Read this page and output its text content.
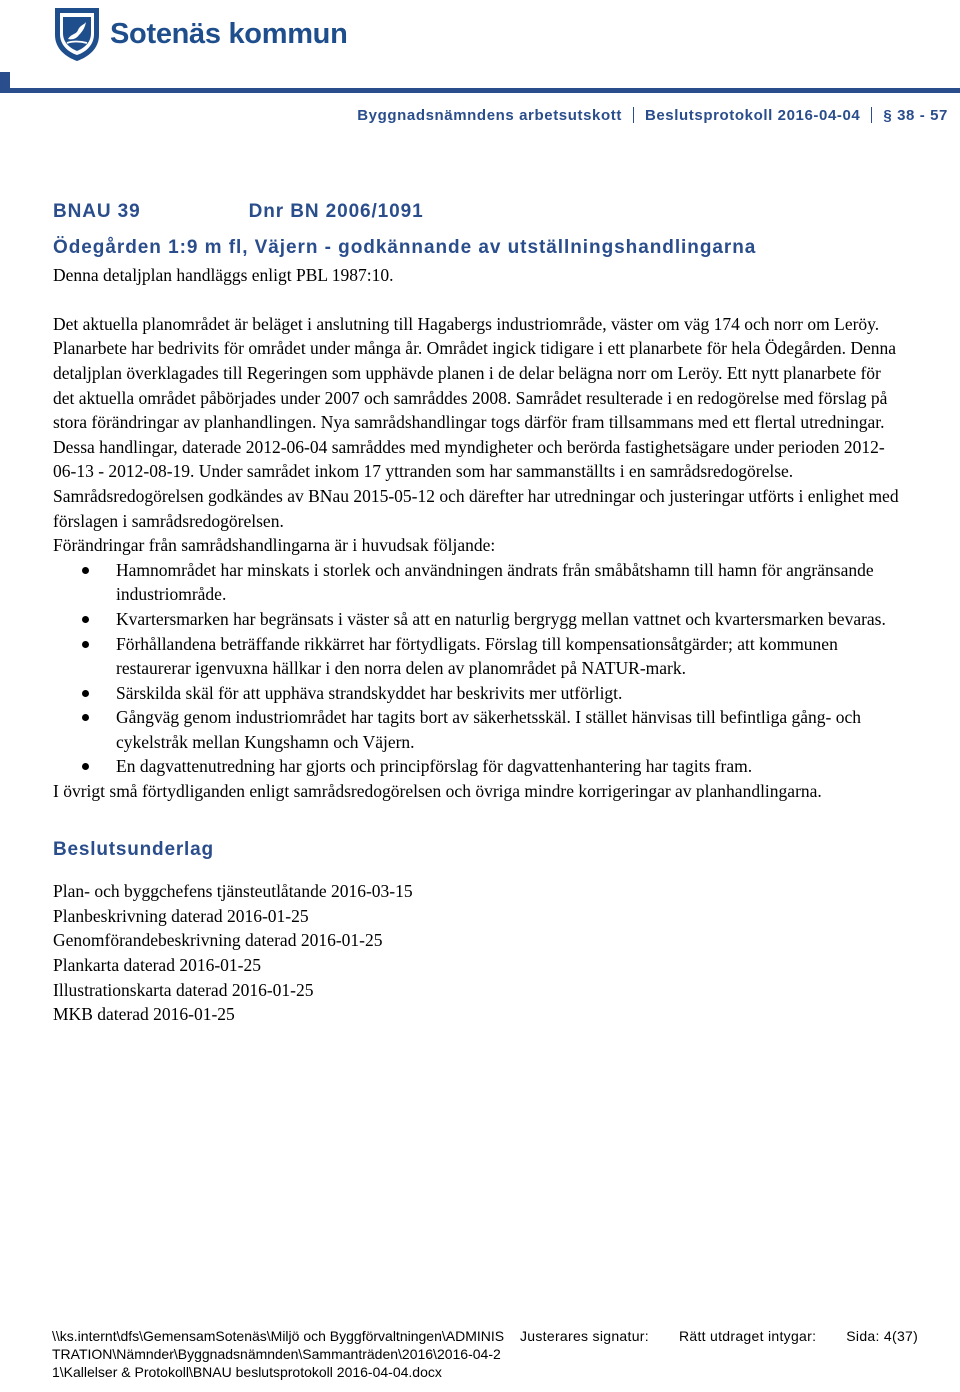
Sotenäs kommun
Byggnadsnämndens arbetsutskott Beslutsprotokoll 2016-04-04 § 38 - 57
BNAU 39	Dnr BN 2006/1091
Ödegården 1:9 m fl, Väjern - godkännande av utställningshandlingarna

Denna detaljplan handläggs enligt PBL 1987:10.

Det aktuella planområdet är beläget i anslutning till Hagabergs industriområde, väster om väg 174 och norr om Leröy. Planarbete har bedrivits för området under många år. Området ingick tidigare i ett planarbete för hela Ödegården. Denna detaljplan överklagades till Regeringen som upphävde planen i de delar belägna norr om Leröy. Ett nytt planarbete för det aktuella området påbörjades under 2007 och samråddes 2008. Samrådet resulterade i en redogörelse med förslag på stora förändringar av planhandlingen. Nya samrådshandlingar togs därför fram tillsammans med ett flertal utredningar. Dessa handlingar, daterade 2012-06-04 samråddes med myndigheter och berörda fastighetsägare under perioden 2012-06-13 - 2012-08-19. Under samrådet inkom 17 yttranden som har sammanställts i en samrådsredogörelse.

Samrådsredogörelsen godkändes av BNau 2015-05-12 och därefter har utredningar och justeringar utförts i enlighet med förslagen i samrådsredogörelsen.

Förändringar från samrådshandlingarna är i huvudsak följande:

Hamnområdet har minskats i storlek och användningen ändrats från småbåtshamn till hamn för angränsande industriområde.
Kvartersmarken har begränsats i väster så att en naturlig bergrygg mellan vattnet och kvartersmarken bevaras.
Förhållandena beträffande rikkärret har förtydligats. Förslag till kompensationsåtgärder; att kommunen restaurerar igenvuxna hällkar i den norra delen av planområdet på NATUR-mark.
Särskilda skäl för att upphäva strandskyddet har beskrivits mer utförligt.
Gångväg genom industriområdet har tagits bort av säkerhetsskäl. I stället hänvisas till befintliga gång- och cykelstråk mellan Kungshamn och Väjern.
En dagvattenutredning har gjorts och principförslag för dagvattenhantering har tagits fram.

I övrigt små förtydliganden enligt samrådsredogörelsen och övriga mindre korrigeringar av planhandlingarna.

Beslutsunderlag
Plan- och byggchefens tjänsteutlåtande 2016-03-15
Planbeskrivning daterad 2016-01-25
Genomförandebeskrivning daterad 2016-01-25
Plankarta daterad 2016-01-25
Illustrationskarta daterad 2016-01-25
MKB daterad 2016-01-25
\\ks.internt\dfs\GemensamSotenäs\Miljö och Byggförvaltningen\ADMINISTRATION\Nämnder\Byggnadsnämnden\Sammanträden\2016\2016-04-21\Kallelser & Protokoll\BNAU beslutsprotokoll 2016-04-04.docx
Justerares signatur: Rätt utdraget intygar: Sida: 4(37)
